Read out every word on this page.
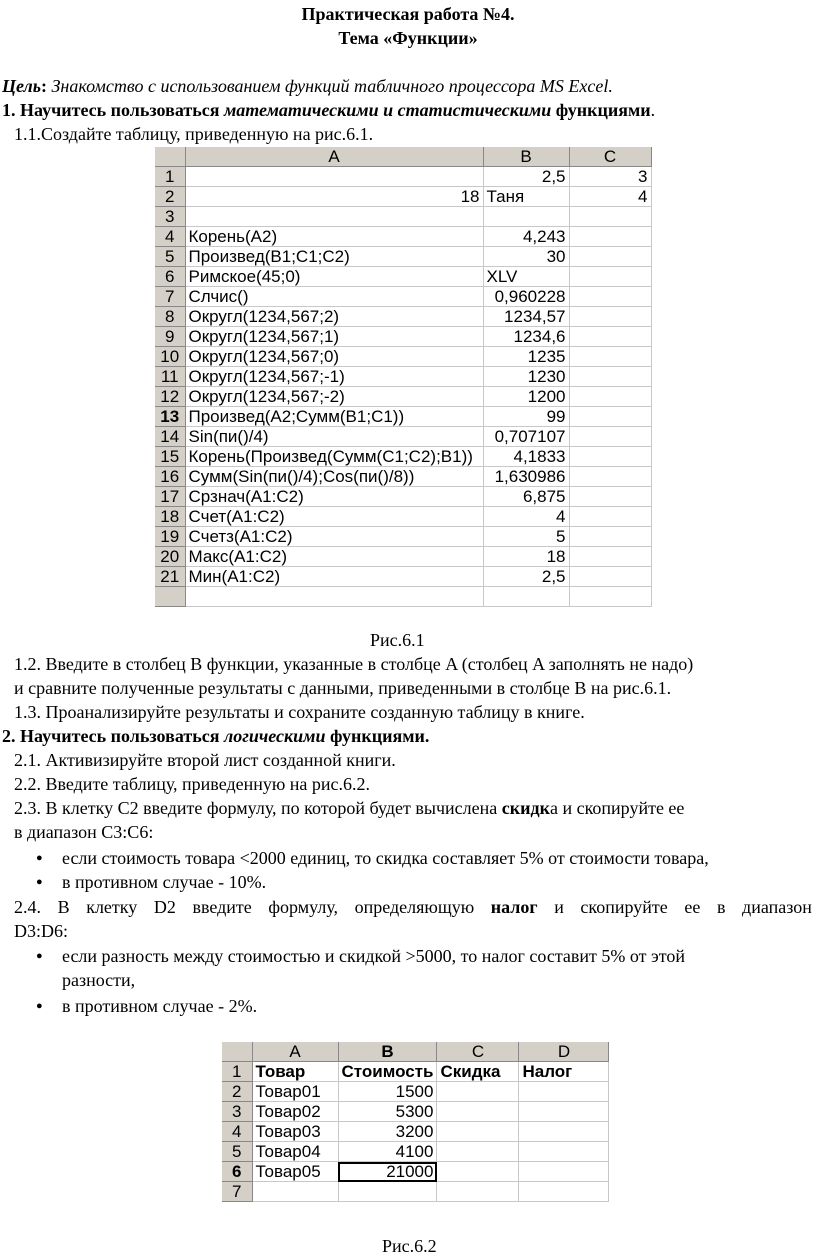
Практическая работа №4.
Тема «Функции»
Цель: Знакомство с использованием функций табличного процессора MS Excel.
1. Научитесь пользоваться математическими и статистическими функциями.
1.1.Создайте таблицу, приведенную на рис.6.1.
	A	B	C
1		2,5	3
2	18	Таня	4
3			
4	Корень(A2)	4,243	
5	Произвед(B1;C1;C2)	30	
6	Римское(45;0)	XLV	
7	Слчис()	0,960228	
8	Округл(1234,567;2)	1234,57	
9	Округл(1234,567;1)	1234,6	
10	Округл(1234,567;0)	1235	
11	Округл(1234,567;-1)	1230	
12	Округл(1234,567;-2)	1200	
13	Произвед(A2;Сумм(B1;C1))	99	
14	Sin(пи()/4)	0,707107	
15	Корень(Произвед(Сумм(C1;C2);B1))	4,1833	
16	Сумм(Sin(пи()/4);Cos(пи()/8))	1,630986	
17	Срзнач(A1:C2)	6,875	
18	Счет(A1:C2)	4	
19	Счетз(A1:C2)	5	
20	Макс(A1:C2)	18	
21	Мин(A1:C2)	2,5	

Рис.6.1
1.2. Введите в столбец B функции, указанные в столбце A (столбец A заполнять не надо)
и сравните полученные результаты с данными, приведенными в столбце B на рис.6.1.
1.3. Проанализируйте результаты и сохраните созданную таблицу в книге.
2. Научитесь пользоваться логическими функциями.
2.1. Активизируйте второй лист созданной книги.
2.2. Введите таблицу, приведенную на рис.6.2.
2.3. В клетку С2 введите формулу, по которой будет вычислена скидка и скопируйте ее
в диапазон С3:С6:
● если стоимость товара <2000 единиц, то скидка составляет 5% от стоимости товара,
● в противном случае - 10%.
2.4. В клетку D2 введите формулу, определяющую налог и скопируйте ее в диапазон
D3:D6:
● если разность между стоимостью и скидкой >5000, то налог составит 5% от этой
разности,
● в противном случае - 2%.
	A	B	C	D
1	Товар	Стоимость	Скидка	Налог
2	Товар01	1500		
3	Товар02	5300		
4	Товар03	3200		
5	Товар04	4100		
6	Товар05	21000		
7				
Рис.6.2
